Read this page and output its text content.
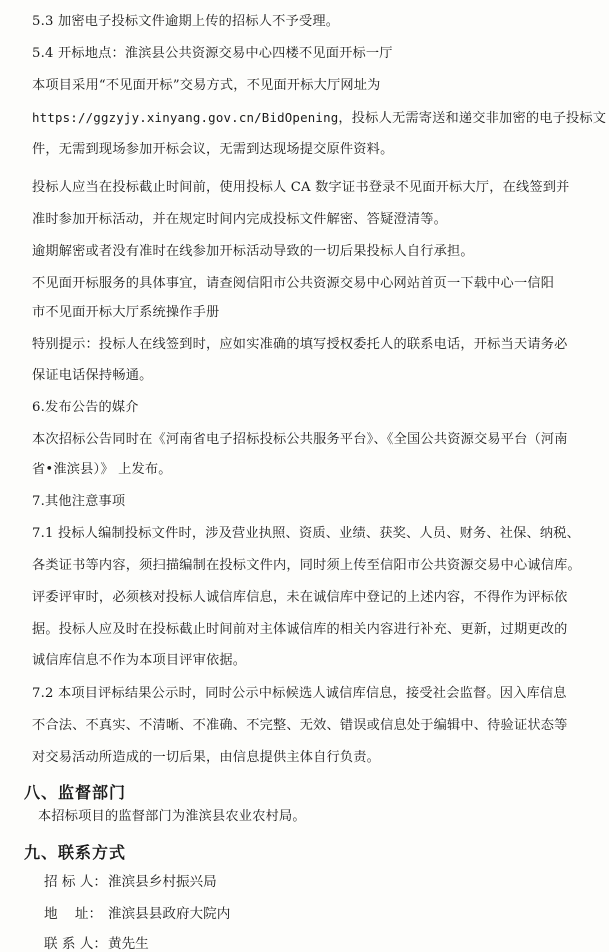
5.3 加密电子投标文件逾期上传的招标人不予受理。
5.4 开标地点：淮滨县公共资源交易中心四楼不见面开标一厅
本项目采用“不见面开标”交易方式，不见面开标大厅网址为
https://ggzyjy.xinyang.gov.cn/BidOpening，投标人无需寄送和递交非加密的电子投标文
件，无需到现场参加开标会议，无需到达现场提交原件资料。
投标人应当在投标截止时间前，使用投标人 CA 数字证书登录不见面开标大厅，在线签到并
准时参加开标活动，并在规定时间内完成投标文件解密、答疑澄清等。
逾期解密或者没有准时在线参加开标活动导致的一切后果投标人自行承担。
不见面开标服务的具体事宜，请查阅信阳市公共资源交易中心网站首页一下载中心一信阳
市不见面开标大厅系统操作手册
特别提示：投标人在线签到时，应如实准确的填写授权委托人的联系电话，开标当天请务必
保证电话保持畅通。
6.发布公告的媒介
本次招标公告同时在《河南省电子招标投标公共服务平台》、《全国公共资源交易平台（河南
省•淮滨县）》 上发布。
7.其他注意事项
7.1 投标人编制投标文件时，涉及营业执照、资质、业绩、获奖、人员、财务、社保、纳税、
各类证书等内容，须扫描编制在投标文件内，同时须上传至信阳市公共资源交易中心诚信库。
评委评审时，必须核对投标人诚信库信息，未在诚信库中登记的上述内容，不得作为评标依
据。投标人应及时在投标截止时间前对主体诚信库的相关内容进行补充、更新，过期更改的
诚信库信息不作为本项目评审依据。
7.2 本项目评标结果公示时，同时公示中标候选人诚信库信息，接受社会监督。因入库信息
不合法、不真实、不清晰、不准确、不完整、无效、错误或信息处于编辑中、待验证状态等
对交易活动所造成的一切后果，由信息提供主体自行负责。
八、监督部门
本招标项目的监督部门为淮滨县农业农村局。
九、联系方式
招 标 人：淮滨县乡村振兴局
地    址： 淮滨县县政府大院内
联 系 人：黄先生
